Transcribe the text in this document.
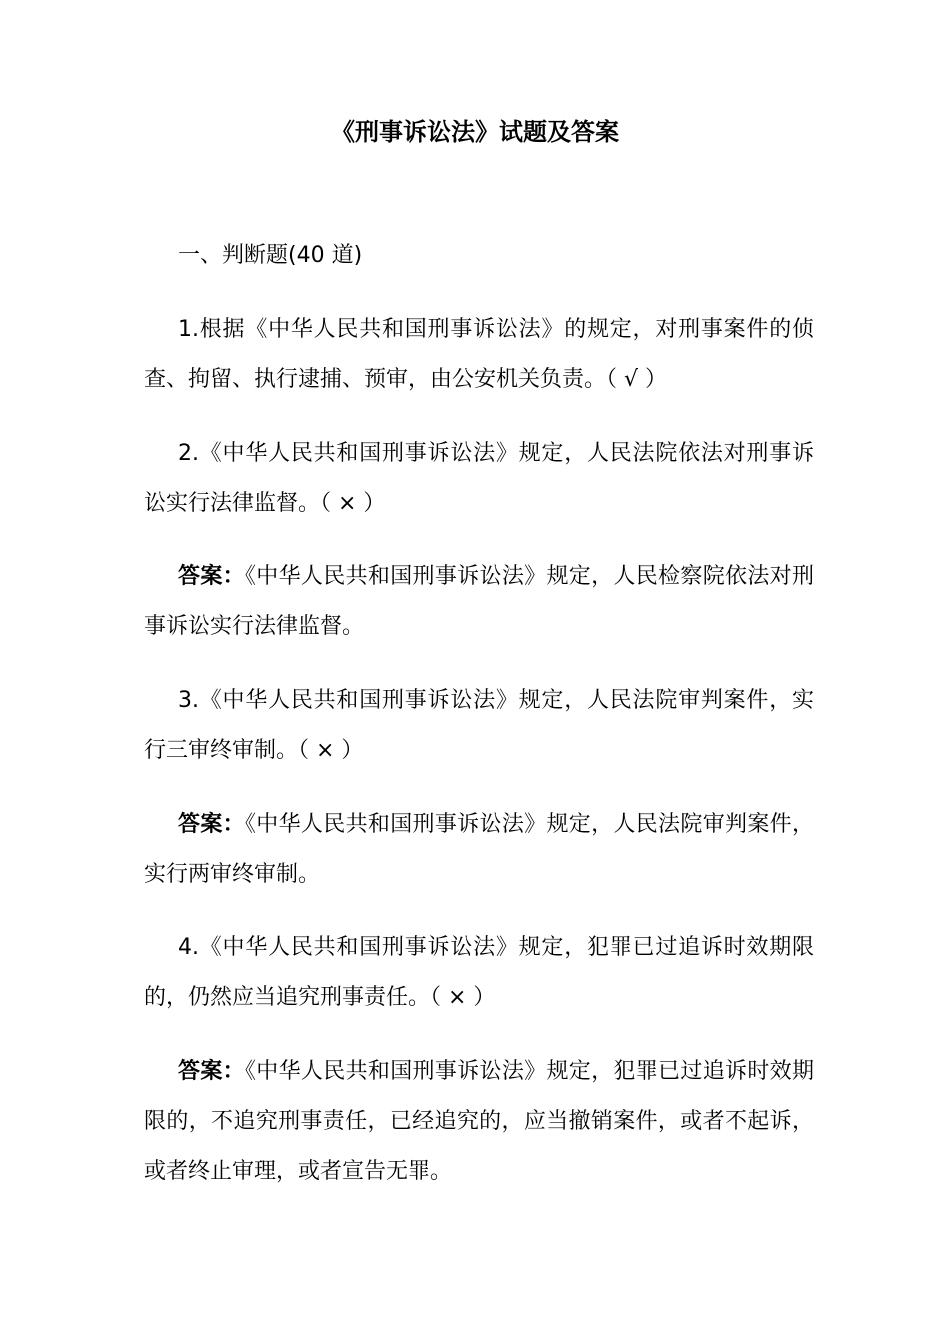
《刑事诉讼法》试题及答案

一、判断题(40 道)

1.根据《中华人民共和国刑事诉讼法》的规定，对刑事案件的侦查、拘留、执行逮捕、预审，由公安机关负责。（ √ ）

2.《中华人民共和国刑事诉讼法》规定，人民法院依法对刑事诉讼实行法律监督。（ × ）

答案：《中华人民共和国刑事诉讼法》规定，人民检察院依法对刑事诉讼实行法律监督。

3.《中华人民共和国刑事诉讼法》规定，人民法院审判案件，实行三审终审制。（ × ）

答案：《中华人民共和国刑事诉讼法》规定，人民法院审判案件，实行两审终审制。

4.《中华人民共和国刑事诉讼法》规定，犯罪已过追诉时效期限的，仍然应当追究刑事责任。（ × ）

答案：《中华人民共和国刑事诉讼法》规定，犯罪已过追诉时效期限的，不追究刑事责任，已经追究的，应当撤销案件，或者不起诉，或者终止审理，或者宣告无罪。
